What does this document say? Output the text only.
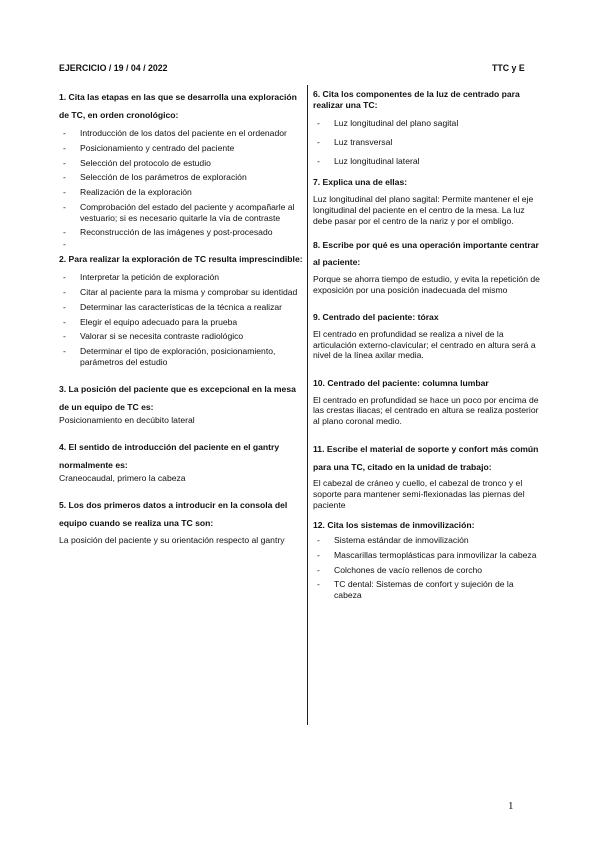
EJERCICIO / 19 / 04 / 2022	TTC y E

1. Cita las etapas en las que se desarrolla una exploración de TC, en orden cronológico:

- Introducción de los datos del paciente en el ordenador
- Posicionamiento y centrado del paciente
- Selección del protocolo de estudio
- Selección de los parámetros de exploración
- Realización de la exploración
- Comprobación del estado del paciente y acompañarle al vestuario; si es necesario quitarle la vía de contraste
- Reconstrucción de las imágenes y post-procesado
-

2. Para realizar la exploración de TC resulta imprescindible:

- Interpretar la petición de exploración
- Citar al paciente para la misma y comprobar su identidad
- Determinar las características de la técnica a realizar
- Elegir el equipo adecuado para la prueba
- Valorar si se necesita contraste radiológico
- Determinar el tipo de exploración, posicionamiento, parámetros del estudio

3. La posición del paciente que es excepcional en la mesa de un equipo de TC es:

Posicionamiento en decúbito lateral

4. El sentido de introducción del paciente en el gantry normalmente es:

Craneocaudal, primero la cabeza

5. Los dos primeros datos a introducir en la consola del equipo cuando se realiza una TC son:

La posición del paciente y su orientación respecto al gantry

6. Cita los componentes de la luz de centrado para realizar una TC:

- Luz longitudinal del plano sagital
- Luz transversal
- Luz longitudinal lateral

7. Explica una de ellas:

Luz longitudinal del plano sagital: Permite mantener el eje longitudinal del paciente en el centro de la mesa. La luz debe pasar por el centro de la nariz y por el ombligo.

8. Escribe por qué es una operación importante centrar al paciente:

Porque se ahorra tiempo de estudio, y evita la repetición de exposición por una posición inadecuada del mismo

9. Centrado del paciente: tórax

El centrado en profundidad se realiza a nivel de la articulación externo-clavicular; el centrado en altura será a nivel de la línea axilar media.

10. Centrado del paciente: columna lumbar

El centrado en profundidad se hace un poco por encima de las crestas iliacas; el centrado en altura se realiza posterior al plano coronal medio.

11. Escribe el material de soporte y confort más común para una TC, citado en la unidad de trabajo:

El cabezal de cráneo y cuello, el cabezal de tronco y el soporte para mantener semi-flexionadas las piernas del paciente

12. Cita los sistemas de inmovilización:

- Sistema estándar de inmovilización
- Mascarillas termoplásticas para inmovilizar la cabeza
- Colchones de vacío rellenos de corcho
- TC dental: Sistemas de confort y sujeción de la cabeza
1
